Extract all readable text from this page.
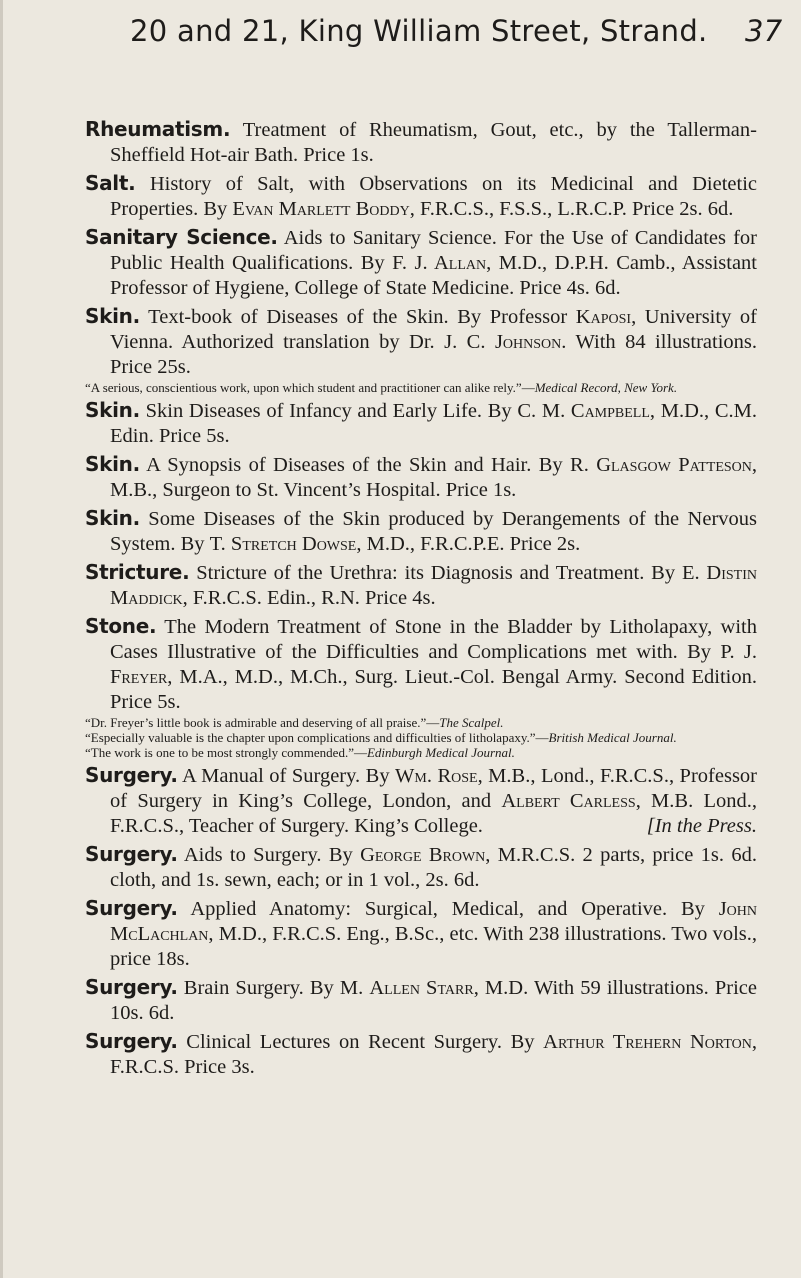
20 and 21, King William Street, Strand. 37

Rheumatism. Treatment of Rheumatism, Gout, etc., by the Tallerman-Sheffield Hot-air Bath. Price 1s.

Salt. History of Salt, with Observations on its Medicinal and Dietetic Properties. By Evan Marlett Boddy, F.R.C.S., F.S.S., L.R.C.P. Price 2s. 6d.

Sanitary Science. Aids to Sanitary Science. For the Use of Candidates for Public Health Qualifications. By F. J. Allan, M.D., D.P.H. Camb., Assistant Professor of Hygiene, College of State Medicine. Price 4s. 6d.

Skin. Text-book of Diseases of the Skin. By Professor Kaposi, University of Vienna. Authorized translation by Dr. J. C. Johnson. With 84 illustrations. Price 25s.
“A serious, conscientious work, upon which student and practitioner can alike rely.”—Medical Record, New York.

Skin. Skin Diseases of Infancy and Early Life. By C. M. Campbell, M.D., C.M. Edin. Price 5s.

Skin. A Synopsis of Diseases of the Skin and Hair. By R. Glasgow Patteson, M.B., Surgeon to St. Vincent’s Hospital. Price 1s.

Skin. Some Diseases of the Skin produced by Derangements of the Nervous System. By T. Stretch Dowse, M.D., F.R.C.P.E. Price 2s.

Stricture. Stricture of the Urethra: its Diagnosis and Treatment. By E. Distin Maddick, F.R.C.S. Edin., R.N. Price 4s.

Stone. The Modern Treatment of Stone in the Bladder by Litholapaxy, with Cases Illustrative of the Difficulties and Complications met with. By P. J. Freyer, M.A., M.D., M.Ch., Surg. Lieut.-Col. Bengal Army. Second Edition. Price 5s.
“Dr. Freyer’s little book is admirable and deserving of all praise.”—The Scalpel.
“Especially valuable is the chapter upon complications and difficulties of litholapaxy.”—British Medical Journal.
“The work is one to be most strongly commended.”—Edinburgh Medical Journal.

Surgery. A Manual of Surgery. By Wm. Rose, M.B., Lond., F.R.C.S., Professor of Surgery in King’s College, London, and Albert Carless, M.B. Lond., F.R.C.S., Teacher of Surgery. King’s College.	[In the Press.

Surgery. Aids to Surgery. By George Brown, M.R.C.S. 2 parts, price 1s. 6d. cloth, and 1s. sewn, each; or in 1 vol., 2s. 6d.

Surgery. Applied Anatomy: Surgical, Medical, and Operative. By John McLachlan, M.D., F.R.C.S. Eng., B.Sc., etc. With 238 illustrations. Two vols., price 18s.

Surgery. Brain Surgery. By M. Allen Starr, M.D. With 59 illustrations. Price 10s. 6d.

Surgery. Clinical Lectures on Recent Surgery. By Arthur Trehern Norton, F.R.C.S. Price 3s.
